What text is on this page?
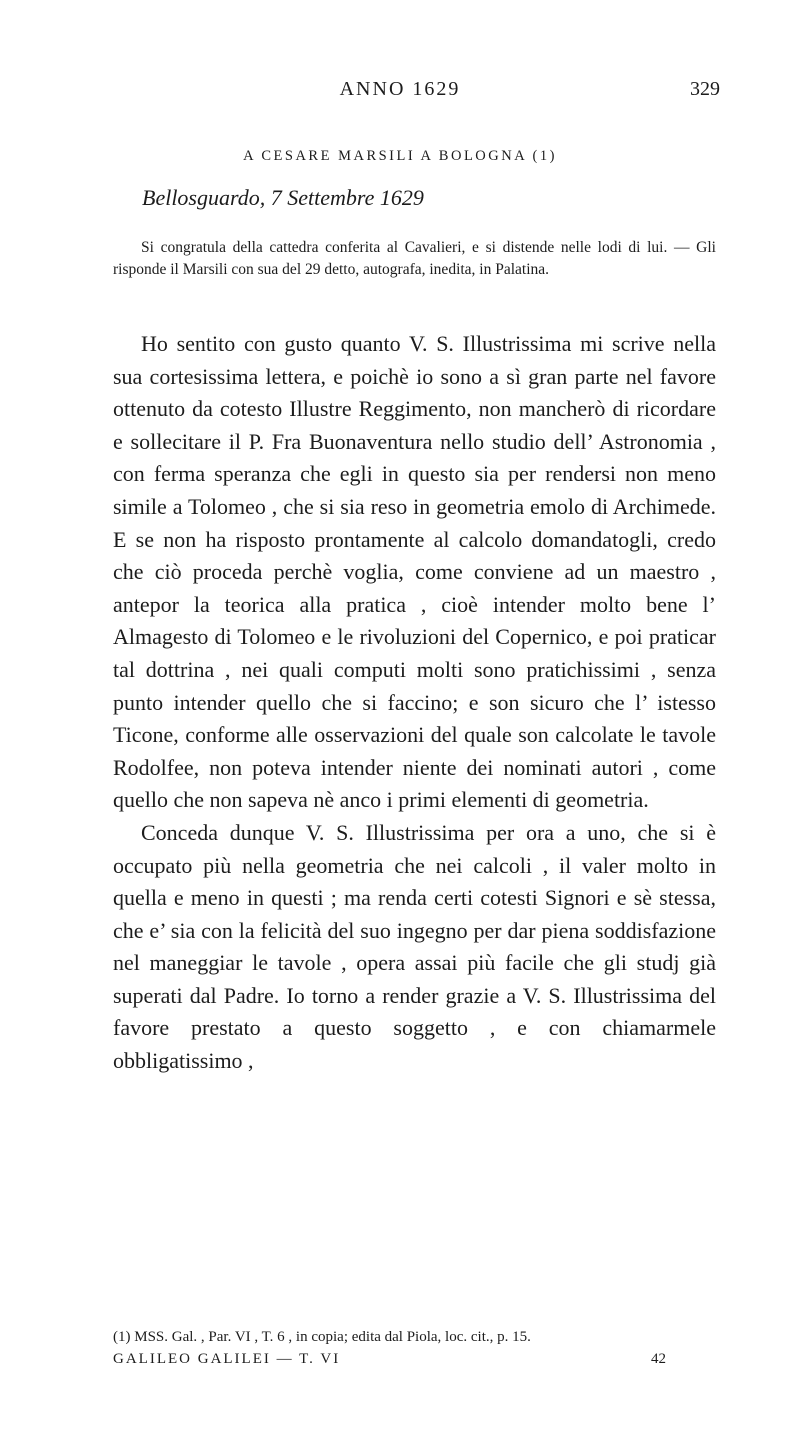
ANNO 1629	329
A CESARE MARSILI A BOLOGNA (1)
Bellosguardo, 7 Settembre 1629
Si congratula della cattedra conferita al Cavalieri, e si distende nelle lodi di lui. — Gli risponde il Marsili con sua del 29 detto, autografa, inedita, in Palatina.

Ho sentito con gusto quanto V. S. Illustrissima mi scrive nella sua cortesissima lettera, e poichè io sono a sì gran parte nel favore ottenuto da cotesto Illustre Reggimento, non mancherò di ricordare e sollecitare il P. Fra Buonaventura nello studio dell’ Astronomia , con ferma speranza che egli in questo sia per rendersi non meno simile a Tolomeo , che si sia reso in geometria emolo di Archimede. E se non ha risposto prontamente al calcolo domandatogli, credo che ciò proceda perchè voglia, come conviene ad un maestro , antepor la teorica alla pratica , cioè intender molto bene l’ Almagesto di Tolomeo e le rivoluzioni del Copernico, e poi praticar tal dottrina , nei quali computi molti sono pratichissimi , senza punto intender quello che si faccino; e son sicuro che l’ istesso Ticone, conforme alle osservazioni del quale son calcolate le tavole Rodolfee, non poteva intender niente dei nominati autori , come quello che non sapeva nè anco i primi elementi di geometria.

Conceda dunque V. S. Illustrissima per ora a uno, che si è occupato più nella geometria che nei calcoli , il valer molto in quella e meno in questi ; ma renda certi cotesti Signori e sè stessa, che e’ sia con la felicità del suo ingegno per dar piena soddisfazione nel maneggiar le tavole , opera assai più facile che gli studj già superati dal Padre. Io torno a render grazie a V. S. Illustrissima del favore prestato a questo soggetto , e con chiamarmele obbligatissimo ,

(1) MSS. Gal. , Par. VI , T. 6 , in copia; edita dal Piola, loc. cit., p. 15.
GALILEO GALILEI — T. VI	42
